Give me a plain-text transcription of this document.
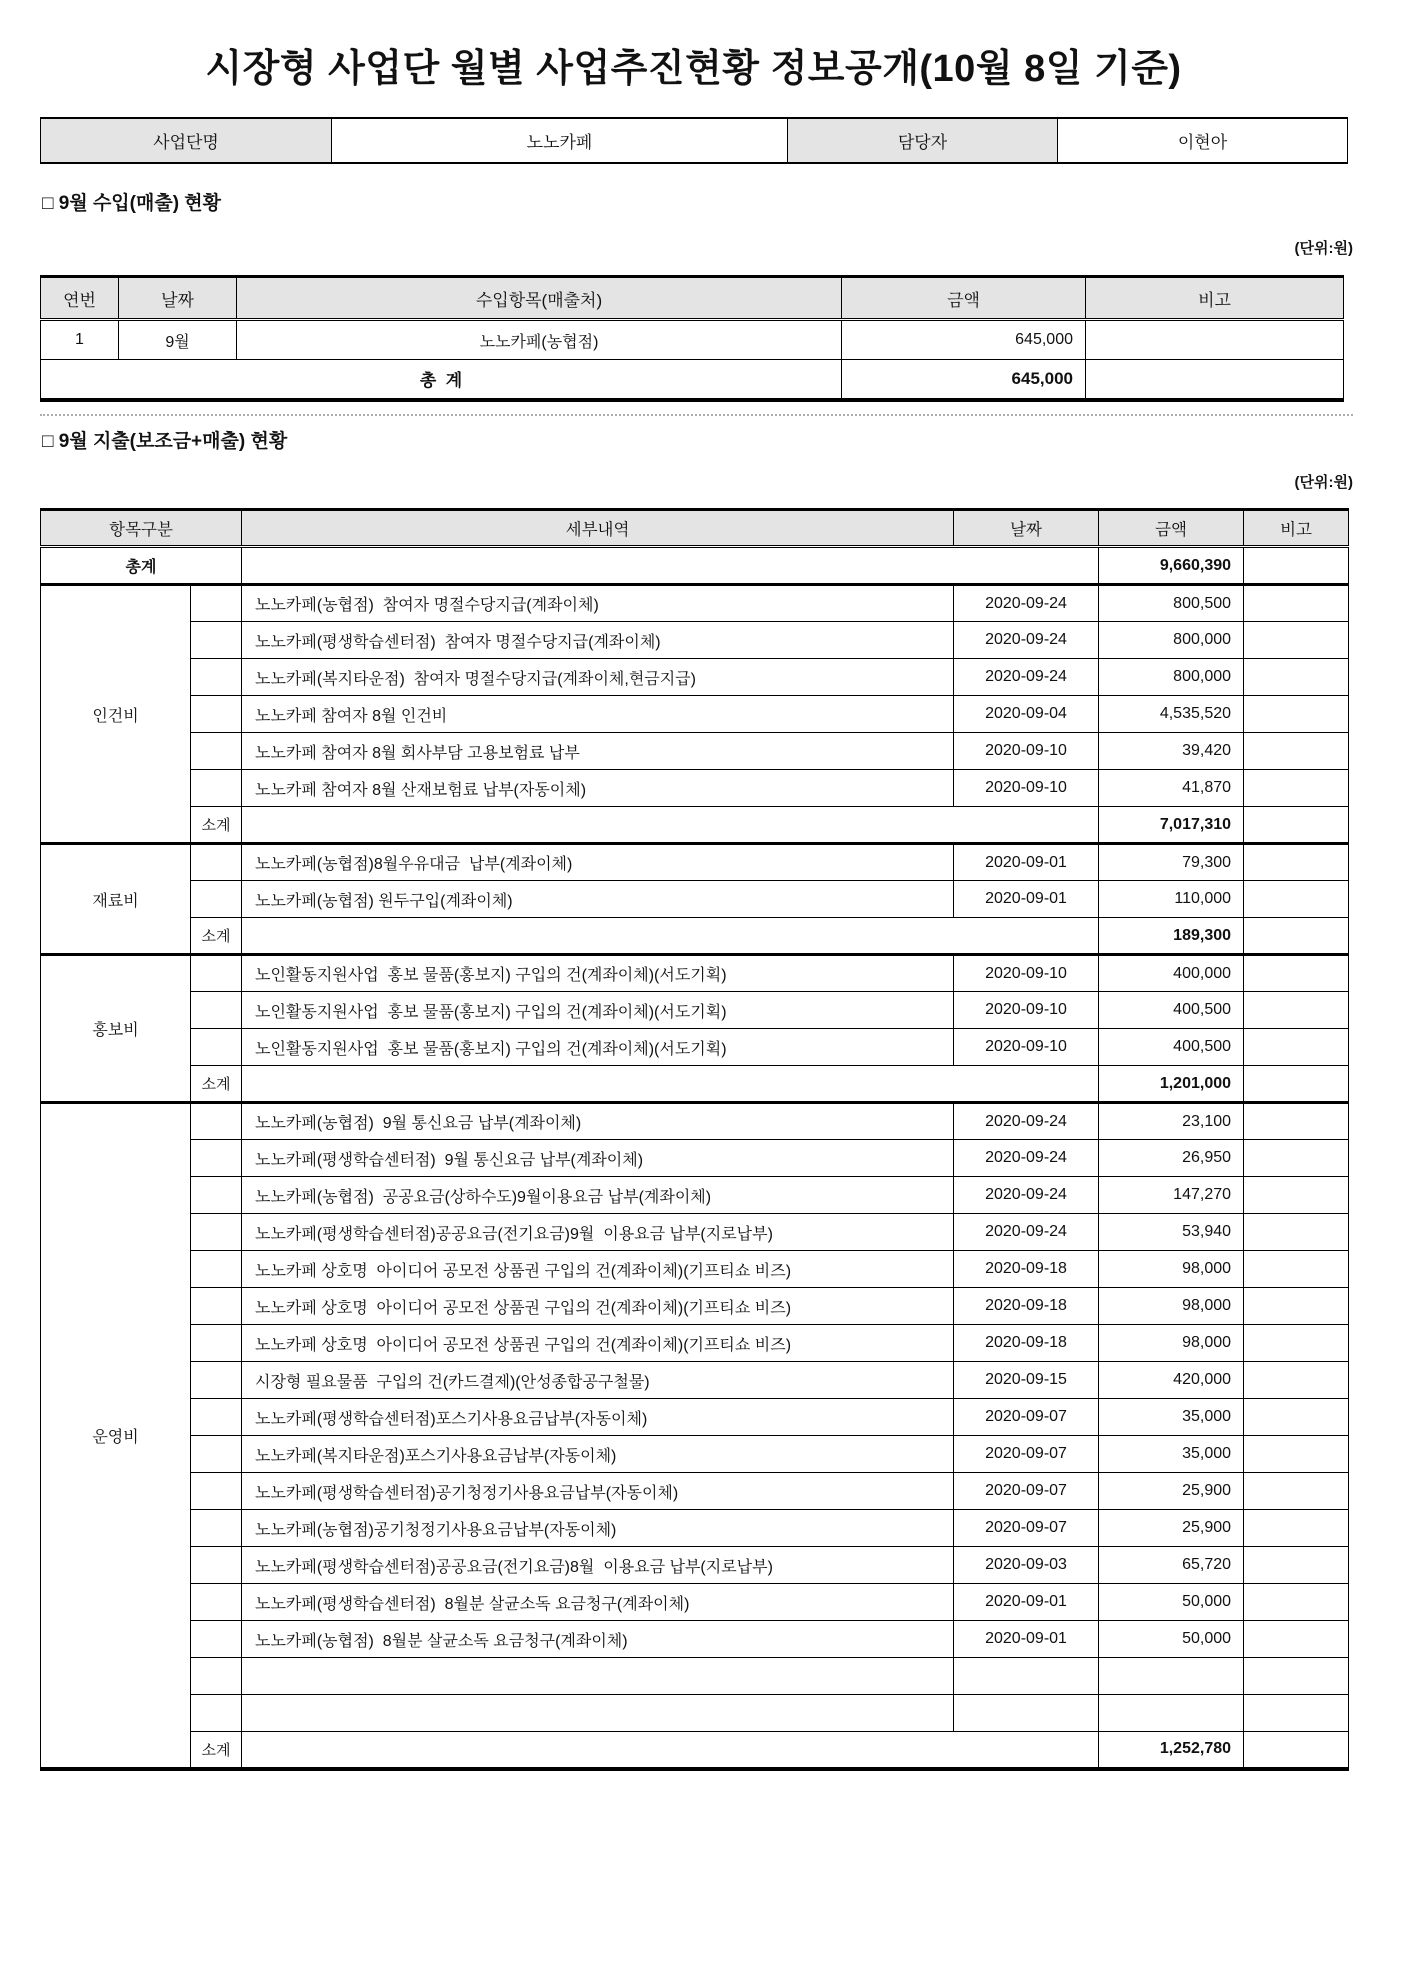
시장형 사업단 월별 사업추진현황 정보공개(10월 8일 기준)
사업단명	노노카페	담당자	이현아
□ 9월 수입(매출) 현황
(단위:원)
연번	날짜	수입항목(매출처)	금액	비고
1	9월	노노카페(농협점)	645,000	
총  계			645,000	
□ 9월 지출(보조금+매출) 현황
(단위:원)
항목구분		세부내역	날짜	금액	비고
총계				9,660,390	
인건비		노노카페(농협점)  참여자 명절수당지급(계좌이체)	2020-09-24	800,500	
		노노카페(평생학습센터점)  참여자 명절수당지급(계좌이체)	2020-09-24	800,000	
		노노카페(복지타운점)  참여자 명절수당지급(계좌이체,현금지급)	2020-09-24	800,000	
		노노카페 참여자 8월 인건비	2020-09-04	4,535,520	
		노노카페 참여자 8월 회사부담 고용보험료 납부	2020-09-10	39,420	
		노노카페 참여자 8월 산재보험료 납부(자동이체)	2020-09-10	41,870	
	소계			7,017,310	
재료비		노노카페(농협점)8월우유대금  납부(계좌이체)	2020-09-01	79,300	
		노노카페(농협점) 원두구입(계좌이체)	2020-09-01	110,000	
	소계			189,300	
홍보비		노인활동지원사업  홍보 물품(홍보지) 구입의 건(계좌이체)(서도기획)	2020-09-10	400,000	
		노인활동지원사업  홍보 물품(홍보지) 구입의 건(계좌이체)(서도기획)	2020-09-10	400,500	
		노인활동지원사업  홍보 물품(홍보지) 구입의 건(계좌이체)(서도기획)	2020-09-10	400,500	
	소계			1,201,000	
운영비		노노카페(농협점)  9월 통신요금 납부(계좌이체)	2020-09-24	23,100	
		노노카페(평생학습센터점)  9월 통신요금 납부(계좌이체)	2020-09-24	26,950	
		노노카페(농협점)  공공요금(상하수도)9월이용요금 납부(계좌이체)	2020-09-24	147,270	
		노노카페(평생학습센터점)공공요금(전기요금)9월  이용요금 납부(지로납부)	2020-09-24	53,940	
		노노카페 상호명  아이디어 공모전 상품권 구입의 건(계좌이체)(기프티쇼 비즈)	2020-09-18	98,000	
		노노카페 상호명  아이디어 공모전 상품권 구입의 건(계좌이체)(기프티쇼 비즈)	2020-09-18	98,000	
		노노카페 상호명  아이디어 공모전 상품권 구입의 건(계좌이체)(기프티쇼 비즈)	2020-09-18	98,000	
		시장형 필요물품  구입의 건(카드결제)(안성종합공구철물)	2020-09-15	420,000	
		노노카페(평생학습센터점)포스기사용요금납부(자동이체)	2020-09-07	35,000	
		노노카페(복지타운점)포스기사용요금납부(자동이체)	2020-09-07	35,000	
		노노카페(평생학습센터점)공기청정기사용요금납부(자동이체)	2020-09-07	25,900	
		노노카페(농협점)공기청정기사용요금납부(자동이체)	2020-09-07	25,900	
		노노카페(평생학습센터점)공공요금(전기요금)8월  이용요금 납부(지로납부)	2020-09-03	65,720	
		노노카페(평생학습센터점)  8월분 살균소독 요금청구(계좌이체)	2020-09-01	50,000	
		노노카페(농협점)  8월분 살균소독 요금청구(계좌이체)	2020-09-01	50,000	

	소계			1,252,780	
